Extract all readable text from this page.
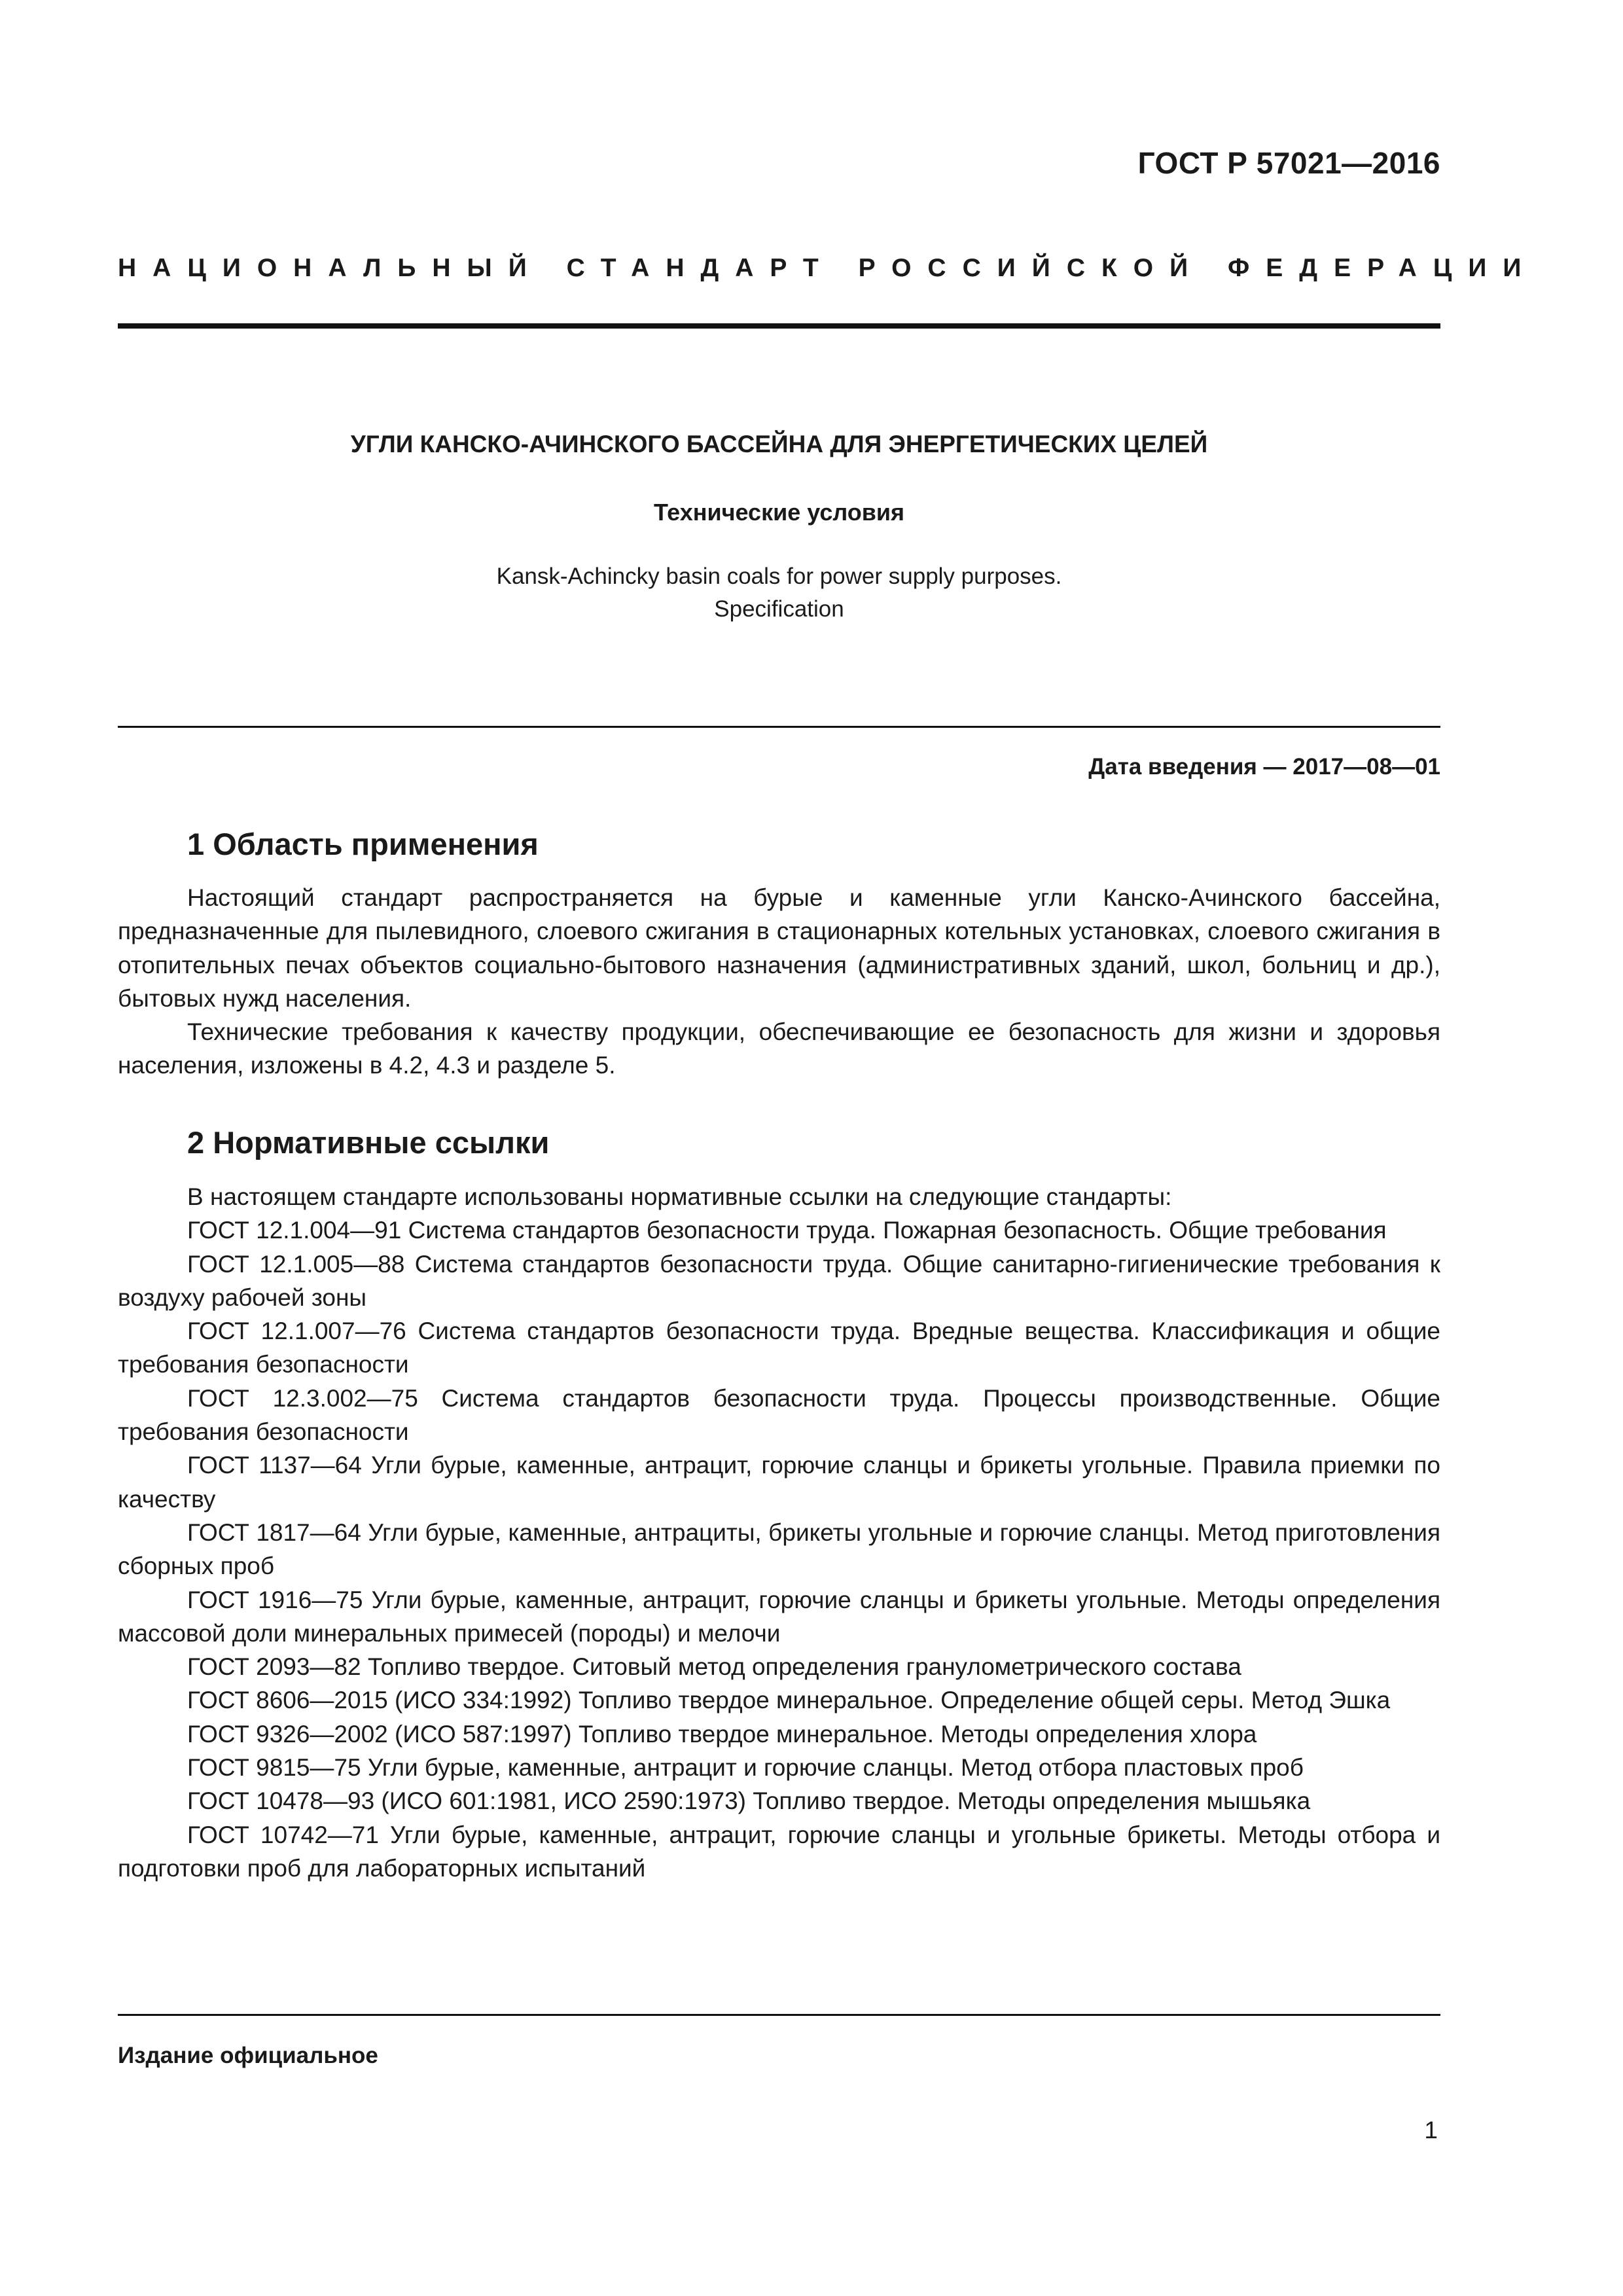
ГОСТ Р 57021—2016
НАЦИОНАЛЬНЫЙ СТАНДАРТ РОССИЙСКОЙ ФЕДЕРАЦИИ
УГЛИ КАНСКО-АЧИНСКОГО БАССЕЙНА ДЛЯ ЭНЕРГЕТИЧЕСКИХ ЦЕЛЕЙ
Технические условия
Kansk-Achincky basin coals for power supply purposes.
Specification
Дата введения — 2017—08—01
1 Область применения

Настоящий стандарт распространяется на бурые и каменные угли Канско-Ачинского бассейна, предназначенные для пылевидного, слоевого сжигания в стационарных котельных установках, слоевого сжигания в отопительных печах объектов социально-бытового назначения (административных зданий, школ, больниц и др.), бытовых нужд населения.

Технические требования к качеству продукции, обеспечивающие ее безопасность для жизни и здоровья населения, изложены в 4.2, 4.3 и разделе 5.

2 Нормативные ссылки

В настоящем стандарте использованы нормативные ссылки на следующие стандарты:

ГОСТ 12.1.004—91 Система стандартов безопасности труда. Пожарная безопасность. Общие требования

ГОСТ 12.1.005—88 Система стандартов безопасности труда. Общие санитарно-гигиенические требования к воздуху рабочей зоны

ГОСТ 12.1.007—76 Система стандартов безопасности труда. Вредные вещества. Классификация и общие требования безопасности

ГОСТ 12.3.002—75 Система стандартов безопасности труда. Процессы производственные. Общие требования безопасности

ГОСТ 1137—64 Угли бурые, каменные, антрацит, горючие сланцы и брикеты угольные. Правила приемки по качеству

ГОСТ 1817—64 Угли бурые, каменные, антрациты, брикеты угольные и горючие сланцы. Метод приготовления сборных проб

ГОСТ 1916—75 Угли бурые, каменные, антрацит, горючие сланцы и брикеты угольные. Методы определения массовой доли минеральных примесей (породы) и мелочи

ГОСТ 2093—82 Топливо твердое. Ситовый метод определения гранулометрического состава

ГОСТ 8606—2015 (ИСО 334:1992) Топливо твердое минеральное. Определение общей серы. Метод Эшка

ГОСТ 9326—2002 (ИСО 587:1997) Топливо твердое минеральное. Методы определения хлора

ГОСТ 9815—75 Угли бурые, каменные, антрацит и горючие сланцы. Метод отбора пластовых проб

ГОСТ 10478—93 (ИСО 601:1981, ИСО 2590:1973) Топливо твердое. Методы определения мышьяка

ГОСТ 10742—71 Угли бурые, каменные, антрацит, горючие сланцы и угольные брикеты. Методы отбора и подготовки проб для лабораторных испытаний

Издание официальное
1
